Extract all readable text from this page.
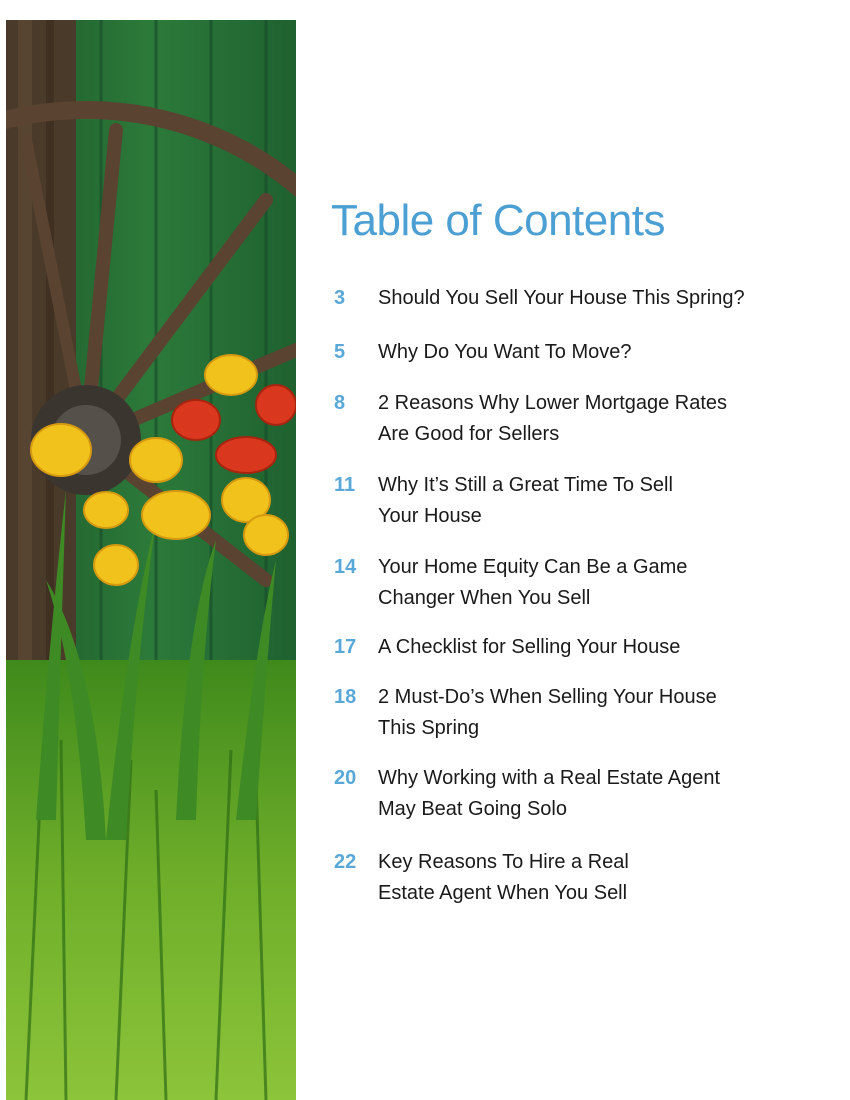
Table of Contents
3	Should You Sell Your House This Spring?
5	Why Do You Want To Move?
8	2 Reasons Why Lower Mortgage Rates
Are Good for Sellers
11	Why It’s Still a Great Time To Sell
Your House
14	Your Home Equity Can Be a Game
Changer When You Sell
17	A Checklist for Selling Your House
18	2 Must-Do’s When Selling Your House
This Spring
20	Why Working with a Real Estate Agent
May Beat Going Solo
22	Key Reasons To Hire a Real
Estate Agent When You Sell
